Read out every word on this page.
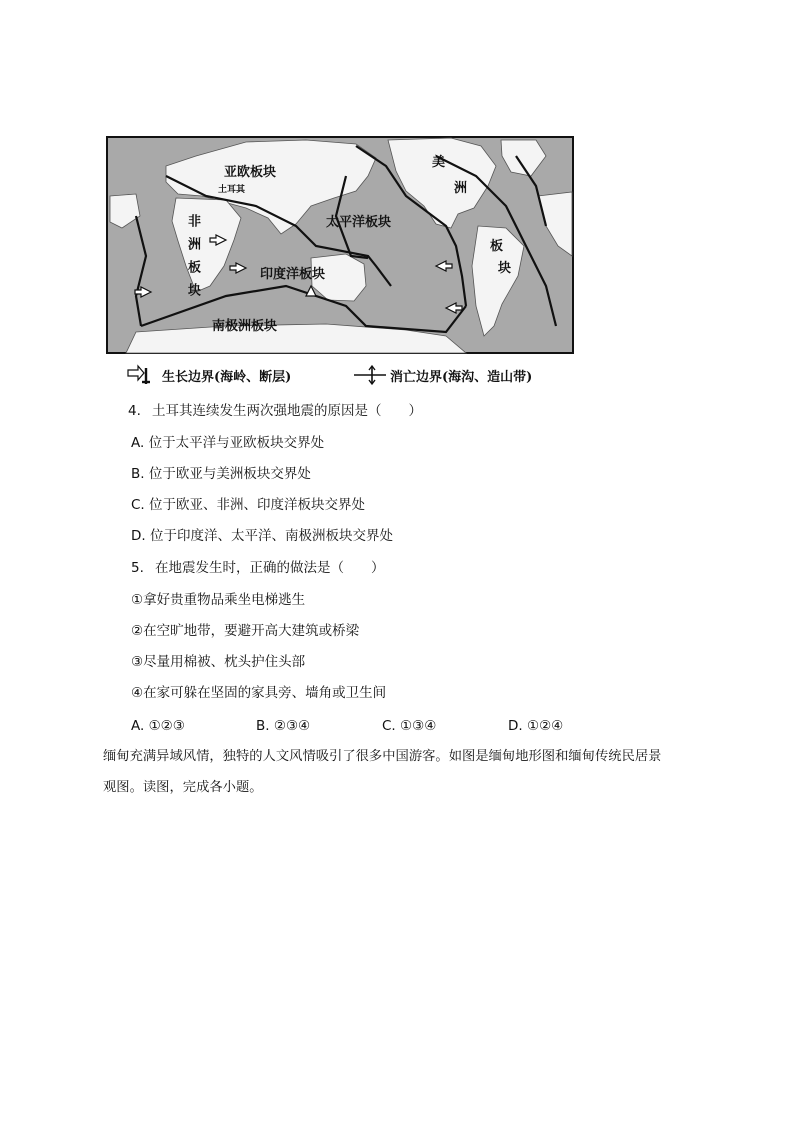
亚欧板块
土耳其
太平洋板块
美
洲
板
块
非洲板块	印度洋板块
南极洲板块
生长边界(海岭、断层)	消亡边界(海沟、造山带)
4. 土耳其连续发生两次强地震的原因是（　　）
A. 位于太平洋与亚欧板块交界处
B. 位于欧亚与美洲板块交界处
C. 位于欧亚、非洲、印度洋板块交界处
D. 位于印度洋、太平洋、南极洲板块交界处
5. 在地震发生时，正确的做法是（　　）
①拿好贵重物品乘坐电梯逃生
②在空旷地带，要避开高大建筑或桥梁
③尽量用棉被、枕头护住头部
④在家可躲在坚固的家具旁、墙角或卫生间
A. ①②③	B. ②③④	C. ①③④	D. ①②④
缅甸充满异域风情，独特的人文风情吸引了很多中国游客。如图是缅甸地形图和缅甸传统民居景
观图。读图，完成各小题。
